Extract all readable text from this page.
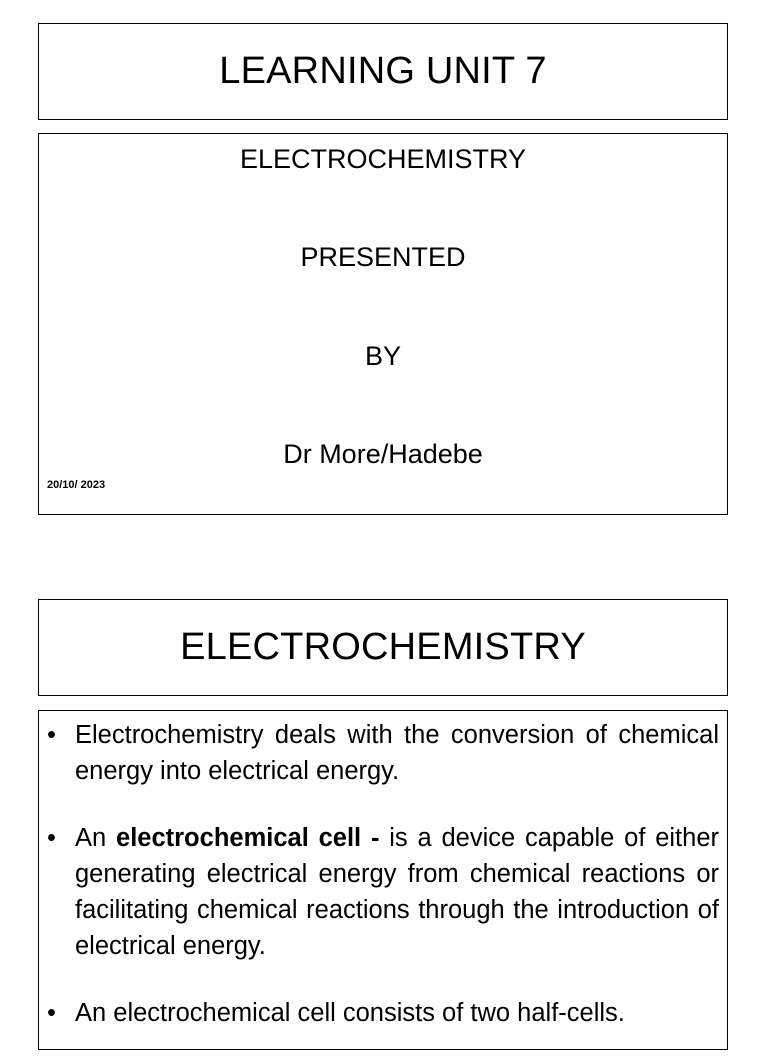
LEARNING UNIT 7
ELECTROCHEMISTRY
PRESENTED
BY
Dr More/Hadebe
20/10/ 2023
ELECTROCHEMISTRY
• Electrochemistry deals with the conversion of chemical energy into electrical energy.
• An electrochemical cell - is a device capable of either generating electrical energy from chemical reactions or facilitating chemical reactions through the introduction of electrical energy.
• An electrochemical cell consists of two half-cells.
